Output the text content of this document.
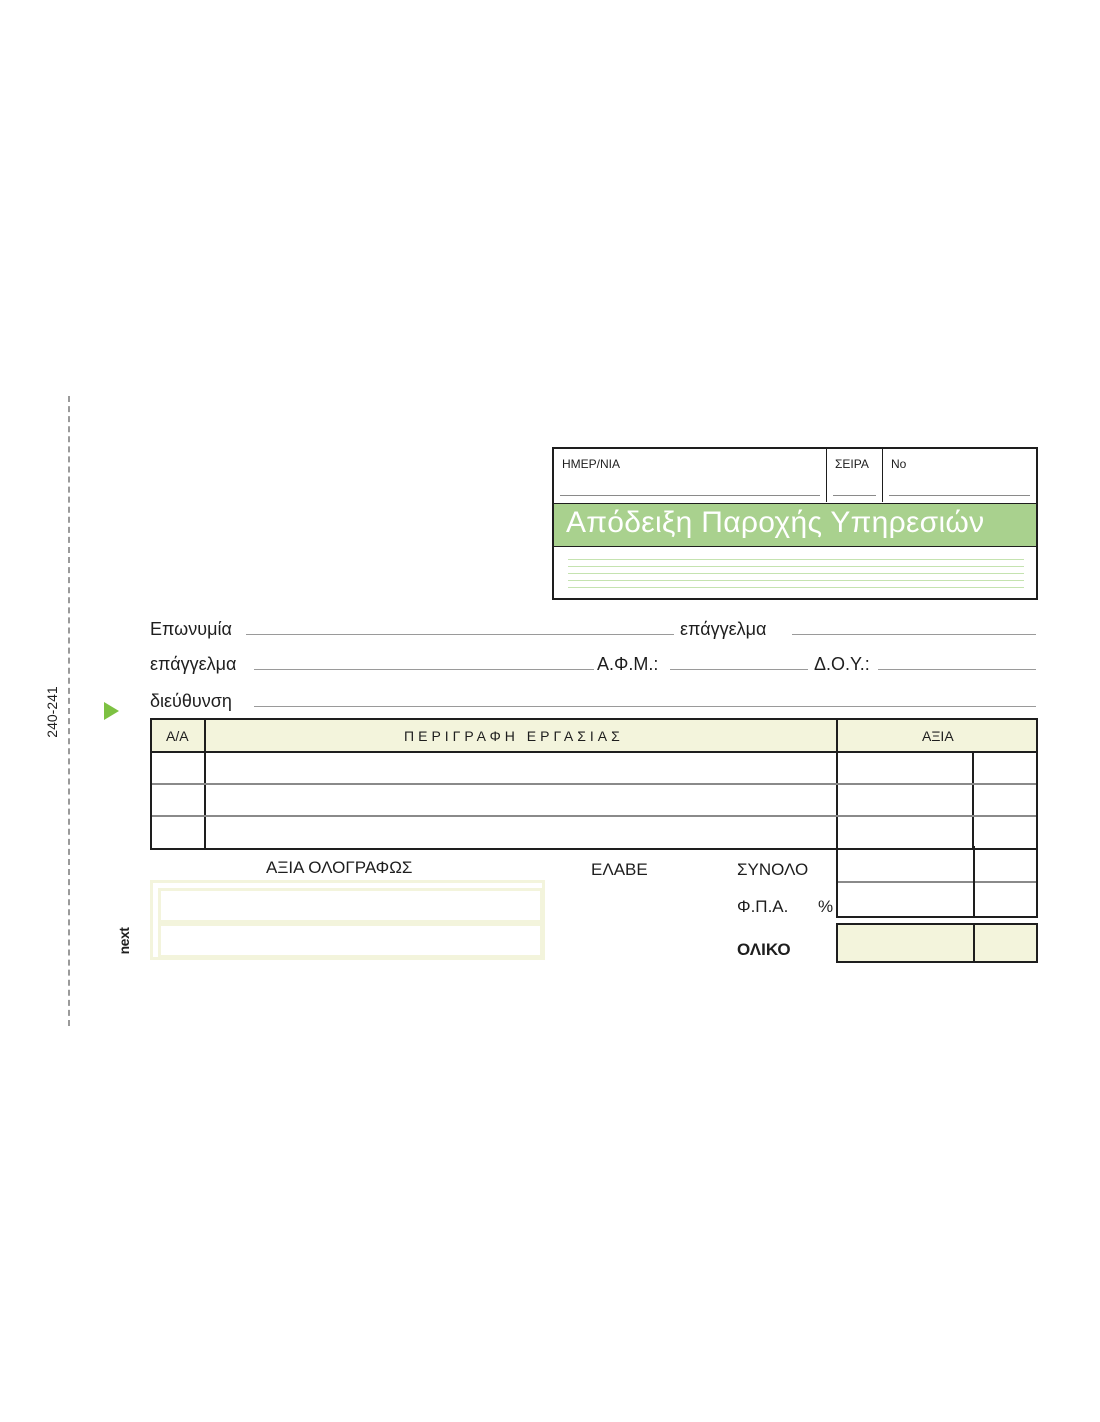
240-241
next
ΗΜΕΡ/ΝΙΑ	ΣΕΙΡΑ Νο
Απόδειξη Παροχής Υπηρεσιών
Επωνυμία	επάγγελμα
επάγγελμα	Α.Φ.Μ.:	Δ.Ο.Υ.:
διεύθυνση
Α/Α	ΠΕΡΙΓΡΑΦΗ ΕΡΓΑΣΙΑΣ	ΑΞΙΑ
ΑΞΙΑ ΟΛΟΓΡΑΦΩΣ	ΕΛΑΒΕ	ΣΥΝΟΛΟ
Φ.Π.Α. %
ΟΛΙΚΟ
